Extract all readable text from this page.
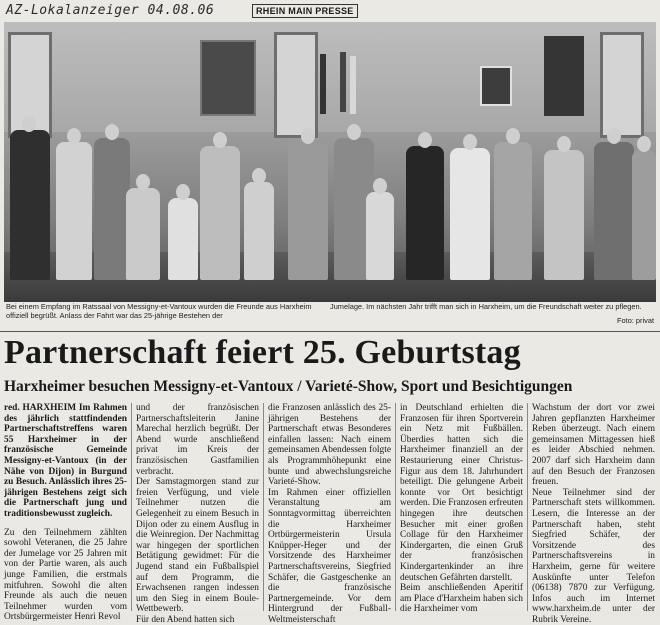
AZ-Lokalanzeiger 04.08.06	RHEIN MAIN PRESSE
Bei einem Empfang im Ratssaal von Messigny-et-Vantoux wurden die Freunde aus Harxheim offiziell begrüßt. Anlass der Fahrt war das 25-jährige Bestehen der
Jumelage. Im nächsten Jahr trifft man sich in Harxheim, um die Freundschaft weiter zu pflegen.
Foto: privat
Partnerschaft feiert 25. Geburtstag
Harxheimer besuchen Messigny-et-Vantoux / Varieté-Show, Sport und Besichtigungen

red. HARXHEIM Im Rahmen des jährlich stattfindenden Partnerschaftstreffens waren 55 Harxheimer in der französische Gemeinde Messigny-et-Vantoux (in der Nähe von Dijon) in Burgund zu Besuch. Anlässlich ihres 25-jährigen Bestehens zeigt sich die Partnerschaft jung und traditionsbewusst zugleich.

Zu den Teilnehmern zählten sowohl Veteranen, die 25 Jahre der Jumelage vor 25 Jahren mit von der Partie waren, als auch junge Familien, die erstmals mitfuhren. Sowohl die alten Freunde als auch die neuen Teilnehmer wurden vom Ortsbürgermeister Henri Revol

und der französischen Partnerschaftsleiterin Janine Marechal herzlich begrüßt. Der Abend wurde anschließend privat im Kreis der französischen Gastfamilien verbracht.

Der Samstagmorgen stand zur freien Verfügung, und viele Teilnehmer nutzen die Gelegenheit zu einem Besuch in Dijon oder zu einem Ausflug in die Weinregion. Der Nachmittag war hingegen der sportlichen Betätigung gewidmet: Für die Jugend stand ein Fußballspiel auf dem Programm, die Erwachsenen rangen indessen um den Sieg in einem Boule-Wettbewerb.

Für den Abend hatten sich

die Franzosen anlässlich des 25-jährigen Bestehens der Partnerschaft etwas Besonderes einfallen lassen: Nach einem gemeinsamen Abendessen folgte als Programmhöhepunkt eine bunte und abwechslungsreiche Varieté-Show.

Im Rahmen einer offiziellen Veranstaltung am Sonntagvormittag überreichten die Harxheimer Ortbürgermeisterin Ursula Knüpper-Heger und der Vorsitzende des Harxheimer Partnerschaftsvereins, Siegfried Schäfer, die Gastgeschenke an die französische Partnergemeinde. Vor dem Hintergrund der Fußball-Weltmeisterschaft

in Deutschland erhielten die Franzosen für ihren Sportverein ein Netz mit Fußbällen. Überdies hatten sich die Harxheimer finanziell an der Restaurierung einer Christus-Figur aus dem 18. Jahrhundert beteiligt. Die gelungene Arbeit konnte vor Ort besichtigt werden. Die Franzosen erfreuten hingegen ihre deutschen Besucher mit einer großen Collage für den Harxheimer Kindergarten, die einen Gruß der französischen Kindergartenkinder an ihre deutschen Gefährten darstellt.

Beim anschließenden Aperitif am Place d'Harxheim haben sich die Harxheimer vom

Wachstum der dort vor zwei Jahren gepflanzten Harxheimer Reben überzeugt. Nach einem gemeinsamen Mittagessen hieß es leider Abschied nehmen. 2007 darf sich Harxheim dann auf den Besuch der Franzosen freuen.

Neue Teilnehmer sind der Partnerschaft stets willkommen. Lesern, die Interesse an der Partnerschaft haben, steht Siegfried Schäfer, der Vorsitzende des Partnerschaftsvereins in Harxheim, gerne für weitere Auskünfte unter Telefon (06138) 7870 zur Verfügung. Infos auch im Internet www.harxheim.de unter der Rubrik Vereine.
